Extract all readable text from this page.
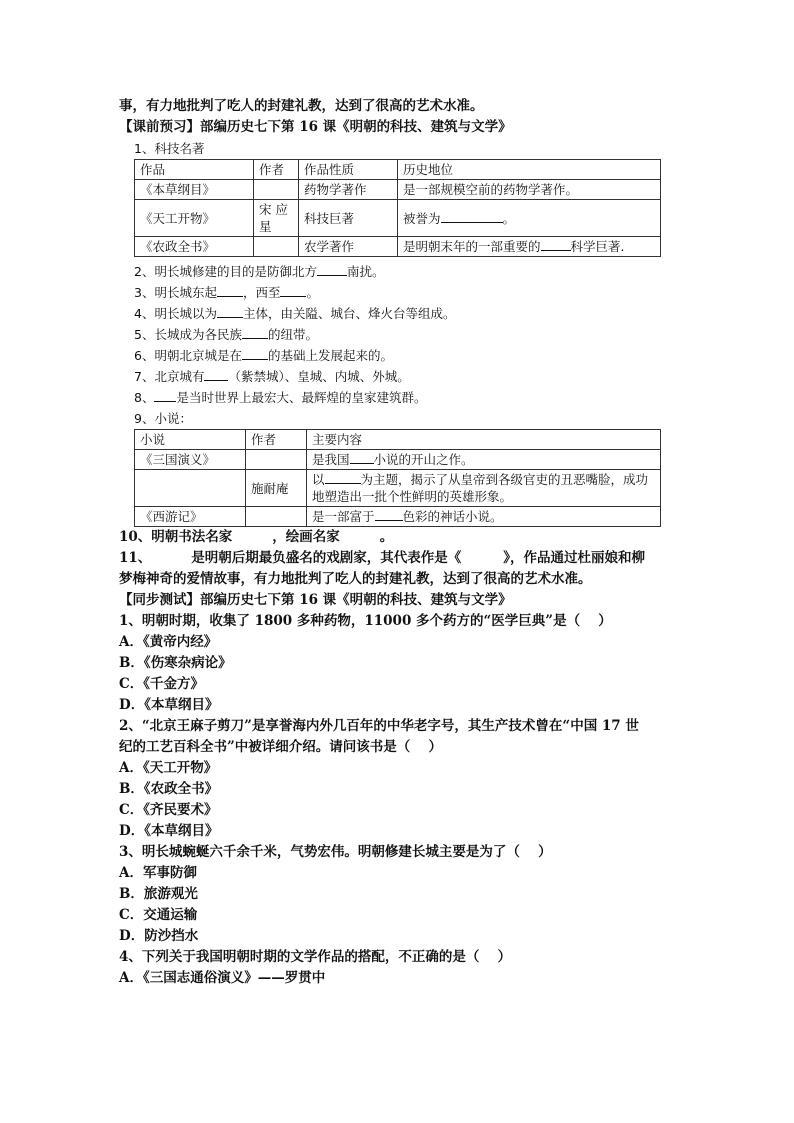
事，有力地批判了吃人的封建礼教，达到了很高的艺术水准。
【课前预习】部编历史七下第 16 课《明朝的科技、建筑与文学》
1、科技名著
作品	作者	作品性质	历史地位
《本草纲目》		药物学著作	是一部规模空前的药物学著作。
《天工开物》	宋应星	科技巨著	被誉为 。
《农政全书》		农学著作	是明朝末年的一部重要的 科学巨著.
2、明长城修建的目的是防御北方 南扰。
3、明长城东起 ，西至 。
4、明长城以为 主体，由关隘、城台、烽火台等组成。
5、长城成为各民族 的纽带。
6、明朝北京城是在 的基础上发展起来的。
7、北京城有 （紫禁城）、皇城、内城、外城。
8、 是当时世界上最宏大、最辉煌的皇家建筑群。
9、小说：
小说	作者	主要内容
《三国演义》		是我国 小说的开山之作。
	施耐庵	以 为主题，揭示了从皇帝到各级官吏的丑恶嘴脸，成功地塑造出一批个性鲜明的英雄形象。
《西游记》		是一部富于 色彩的神话小说。
10、明朝书法名家	，绘画名家	。
11、	是明朝后期最负盛名的戏剧家，其代表作是《	》，作品通过杜丽娘和柳
梦梅神奇的爱情故事，有力地批判了吃人的封建礼教，达到了很高的艺术水准。
【同步测试】部编历史七下第 16 课《明朝的科技、建筑与文学》
1、明朝时期，收集了 1800 多种药物，11000 多个药方的“医学巨典”是（　 ）
A．《黄帝内经》
B．《伤寒杂病论》
C．《千金方》
D．《本草纲目》
2、“北京王麻子剪刀”是享誉海内外几百年的中华老字号，其生产技术曾在“中国 17 世
纪的工艺百科全书”中被详细介绍。请问该书是（　 ）
A．《天工开物》
B．《农政全书》
C．《齐民要术》
D．《本草纲目》
3、明长城蜿蜒六千余千米，气势宏伟。明朝修建长城主要是为了（　 ）
A．军事防御
B．旅游观光
C．交通运输
D．防沙挡水
4、下列关于我国明朝时期的文学作品的搭配，不正确的是（　 ）
A．《三国志通俗演义》——罗贯中
